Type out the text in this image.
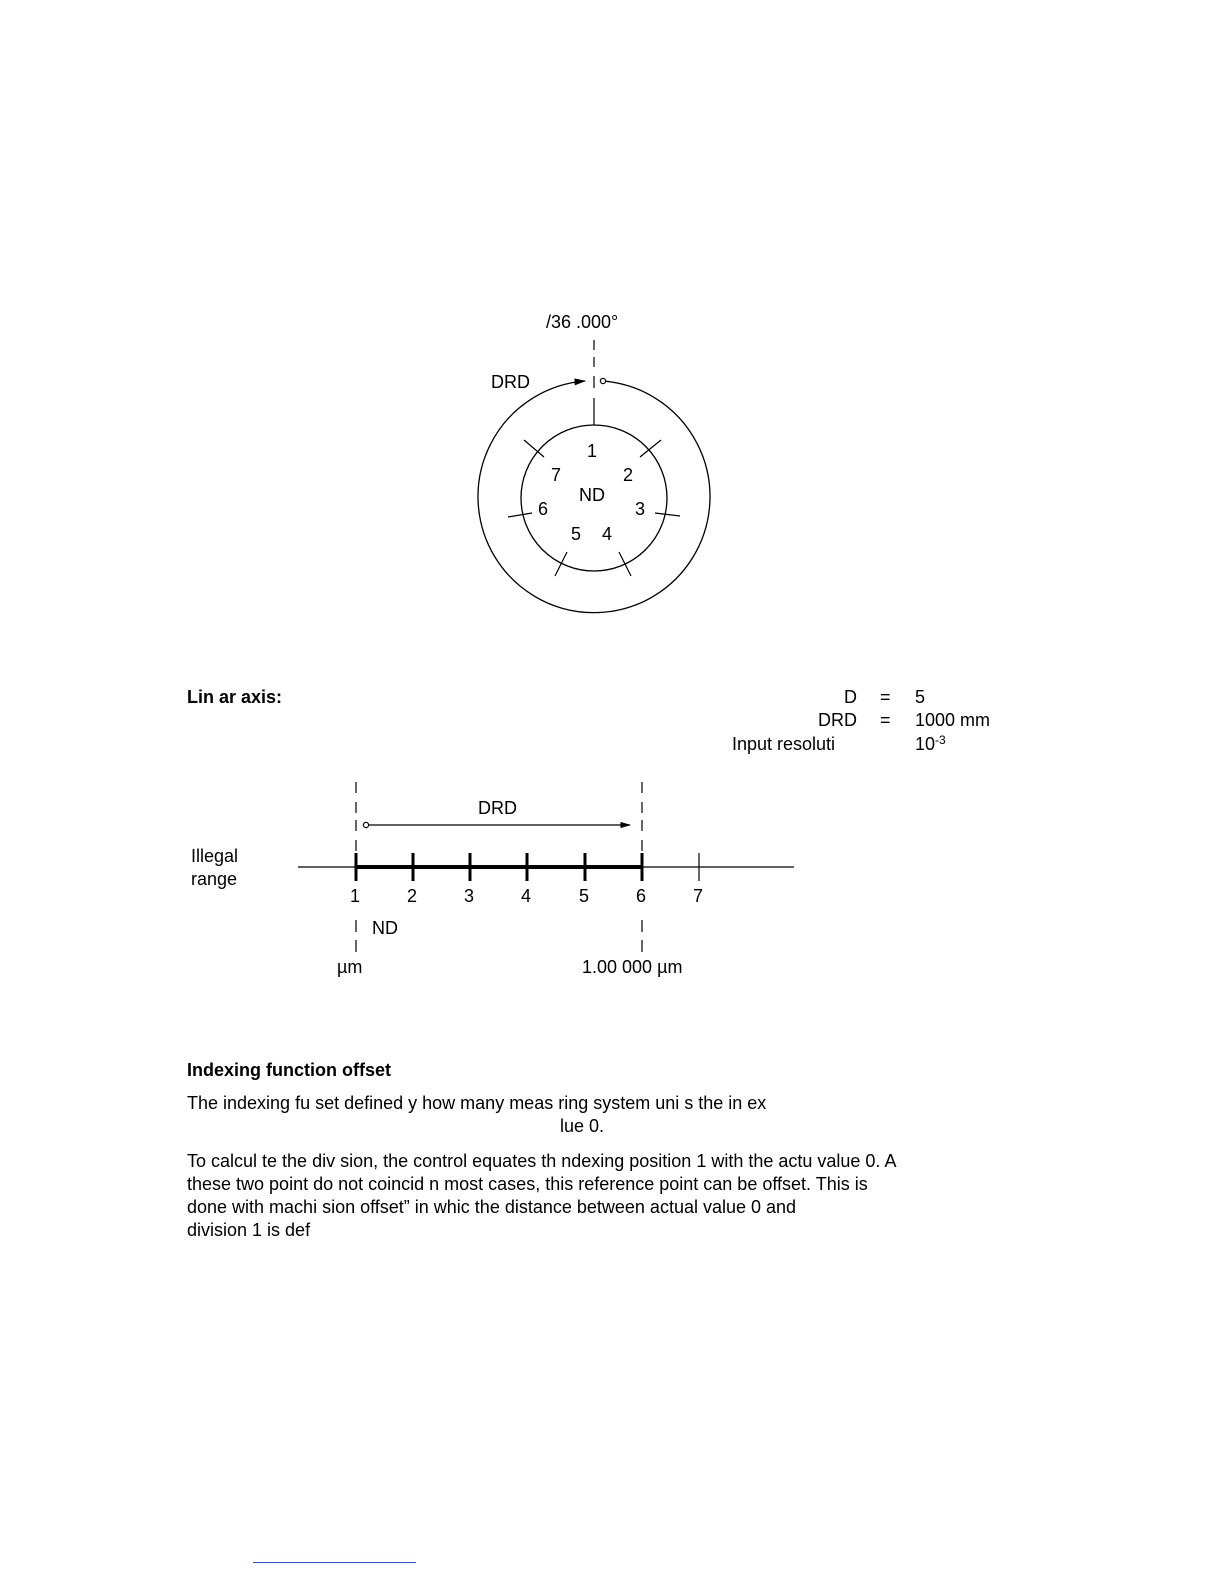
/36 .000°
DRD
1
2
3
4
5
6
7
ND
Lin ar axis:	D = 5
DRD = 1000 mm
Input resoluti	$10^{-3}$
DRD
1	2	3	4	5	6	7
ND
µm	1.00 000 µm
Illegal
range
Indexing function offset
The indexing fu set defined y how many meas ring system uni s the in ex
lue 0.
To calcul te the div sion, the control equates th ndexing position 1 with the actu value 0. A
these two point do not coincid n most cases, this reference point can be offset. This is
done with machi sion offset” in whic the distance between actual value 0 and
division 1 is def
